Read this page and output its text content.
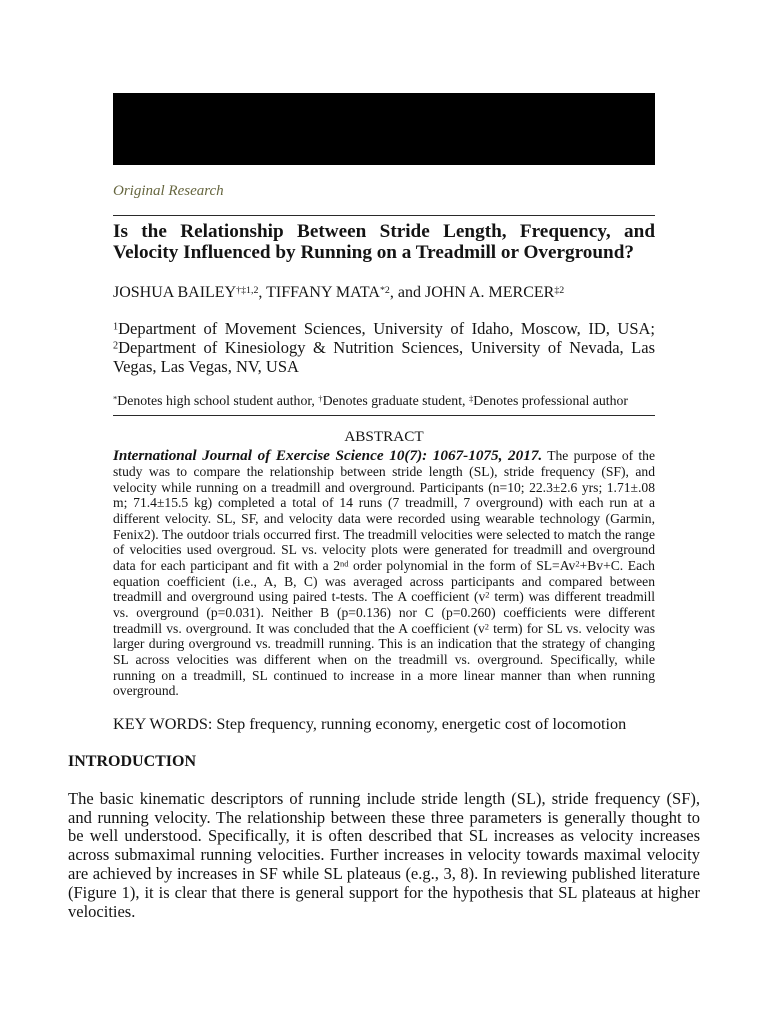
Original Research
Is the Relationship Between Stride Length, Frequency, and Velocity Influenced by Running on a Treadmill or Overground?
JOSHUA BAILEY$^{\dagger\ddagger 1,2}$, TIFFANY MATA$^{*2}$, and JOHN A. MERCER$^{\ddagger 2}$
$^1$Department of Movement Sciences, University of Idaho, Moscow, ID, USA; $^2$Department of Kinesiology & Nutrition Sciences, University of Nevada, Las Vegas, Las Vegas, NV, USA
*Denotes high school student author, †Denotes graduate student, ‡Denotes professional author
ABSTRACT
International Journal of Exercise Science 10(7): 1067-1075, 2017. The purpose of the study was to compare the relationship between stride length (SL), stride frequency (SF), and velocity while running on a treadmill and overground. Participants (n=10; 22.3±2.6 yrs; 1.71±.08 m; 71.4±15.5 kg) completed a total of 14 runs (7 treadmill, 7 overground) with each run at a different velocity. SL, SF, and velocity data were recorded using wearable technology (Garmin, Fenix2). The outdoor trials occurred first. The treadmill velocities were selected to match the range of velocities used overgroud. SL vs. velocity plots were generated for treadmill and overground data for each participant and fit with a 2nd order polynomial in the form of $SL=Av^2+Bv+C$. Each equation coefficient (i.e., A, B, C) was averaged across participants and compared between treadmill and overground using paired t-tests. The A coefficient ($v^2$ term) was different treadmill vs. overground (p=0.031). Neither B (p=0.136) nor C (p=0.260) coefficients were different treadmill vs. overground. It was concluded that the A coefficient ($v^2$ term) for SL vs. velocity was larger during overground vs. treadmill running. This is an indication that the strategy of changing SL across velocities was different when on the treadmill vs. overground. Specifically, while running on a treadmill, SL continued to increase in a more linear manner than when running overground.
KEY WORDS: Step frequency, running economy, energetic cost of locomotion
INTRODUCTION
The basic kinematic descriptors of running include stride length (SL), stride frequency (SF), and running velocity. The relationship between these three parameters is generally thought to be well understood. Specifically, it is often described that SL increases as velocity increases across submaximal running velocities. Further increases in velocity towards maximal velocity are achieved by increases in SF while SL plateaus (e.g., 3, 8). In reviewing published literature (Figure 1), it is clear that there is general support for the hypothesis that SL plateaus at higher velocities.
